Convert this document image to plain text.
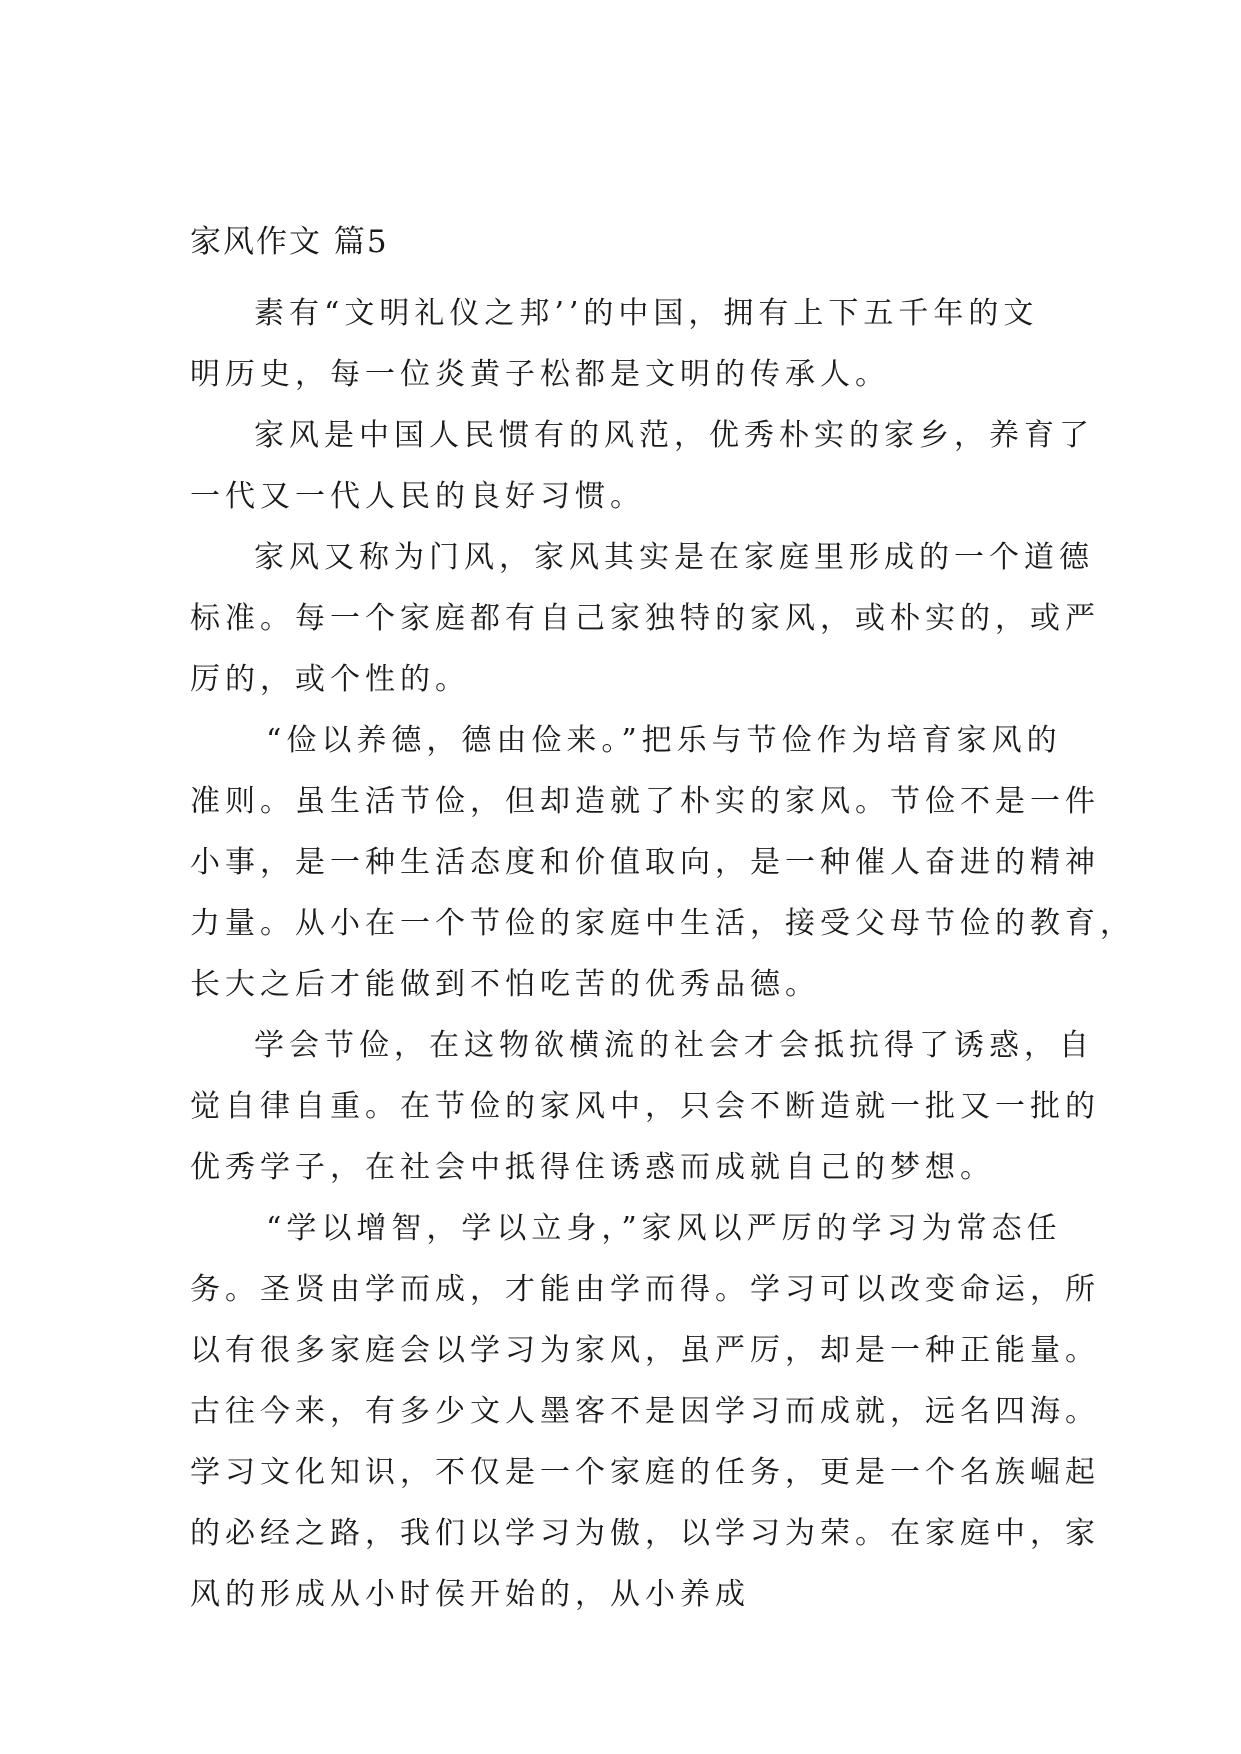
家风作文 篇5

素有“文明礼仪之邦’’的中国，拥有上下五千年的文
明历史，每一位炎黄子松都是文明的传承人。

家风是中国人民惯有的风范，优秀朴实的家乡，养育了
一代又一代人民的良好习惯。

家风又称为门风，家风其实是在家庭里形成的一个道德
标准。每一个家庭都有自己家独特的家风，或朴实的，或严
厉的，或个性的。

“俭以养德，德由俭来。”把乐与节俭作为培育家风的
准则。虽生活节俭，但却造就了朴实的家风。节俭不是一件
小事，是一种生活态度和价值取向，是一种催人奋进的精神
力量。从小在一个节俭的家庭中生活，接受父母节俭的教育，
长大之后才能做到不怕吃苦的优秀品德。

学会节俭，在这物欲横流的社会才会抵抗得了诱惑，自
觉自律自重。在节俭的家风中，只会不断造就一批又一批的
优秀学子，在社会中抵得住诱惑而成就自己的梦想。

“学以增智，学以立身，”家风以严厉的学习为常态任
务。圣贤由学而成，才能由学而得。学习可以改变命运，所
以有很多家庭会以学习为家风，虽严厉，却是一种正能量。
古往今来，有多少文人墨客不是因学习而成就，远名四海。
学习文化知识，不仅是一个家庭的任务，更是一个名族崛起
的必经之路，我们以学习为傲，以学习为荣。在家庭中，家
风的形成从小时侯开始的，从小养成
